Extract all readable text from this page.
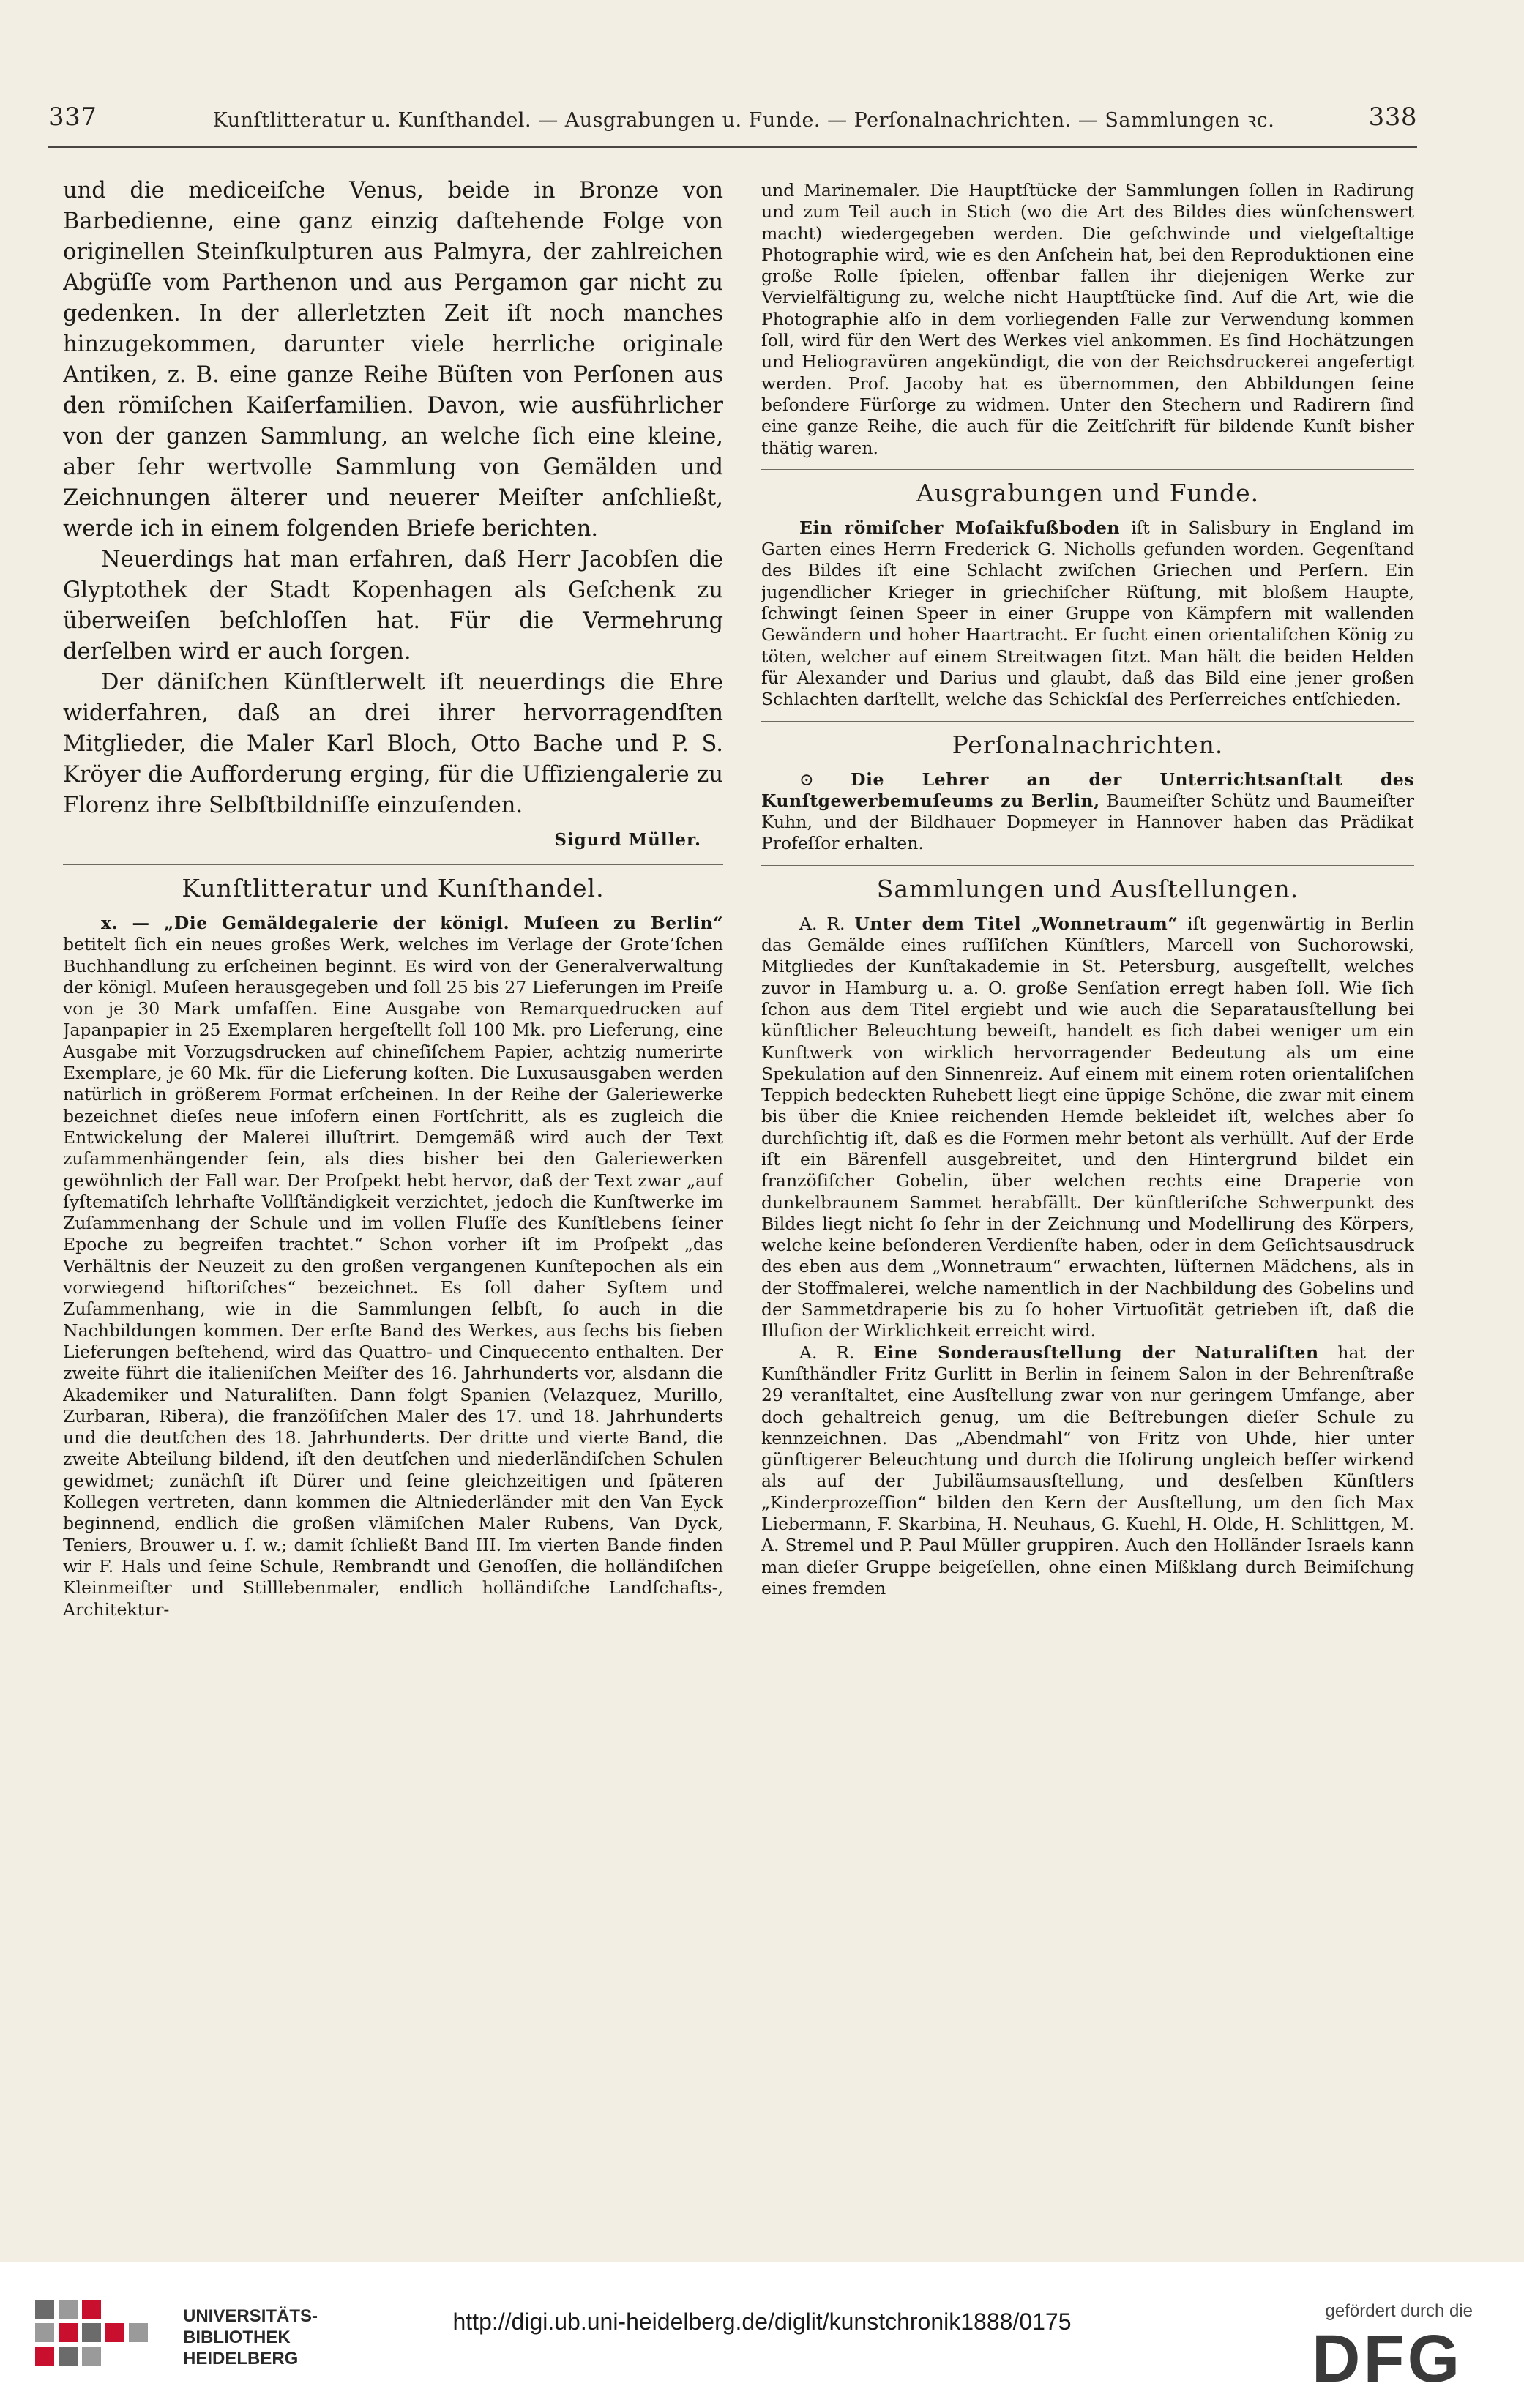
337	Kunſtlitteratur u. Kunſthandel. — Ausgrabungen u. Funde. — Perſonalnachrichten. — Sammlungen ꝛc.	338

und die mediceiſche Venus, beide in Bronze von Barbedienne, eine ganz einzig daſtehende Folge von originellen Steinſkulpturen aus Palmyra, der zahlreichen Abgüſſe vom Parthenon und aus Pergamon gar nicht zu gedenken. In der allerletzten Zeit iſt noch manches hinzugekommen, darunter viele herrliche originale Antiken, z. B. eine ganze Reihe Büſten von Perſonen aus den römiſchen Kaiſerfamilien. Davon, wie ausführlicher von der ganzen Sammlung, an welche ſich eine kleine, aber ſehr wertvolle Sammlung von Gemälden und Zeichnungen älterer und neuerer Meiſter anſchließt, werde ich in einem folgenden Briefe berichten.

Neuerdings hat man erfahren, daß Herr Jacobſen die Glyptothek der Stadt Kopenhagen als Geſchenk zu überweiſen beſchloſſen hat. Für die Vermehrung derſelben wird er auch ſorgen.

Der däniſchen Künſtlerwelt iſt neuerdings die Ehre widerfahren, daß an drei ihrer hervorragendſten Mitglieder, die Maler Karl Bloch, Otto Bache und P. S. Kröyer die Aufforderung erging, für die Uffiziengalerie zu Florenz ihre Selbſtbildniſſe einzuſenden.

Sigurd Müller.
Kunſtlitteratur und Kunſthandel.

x. — „Die Gemäldegalerie der königl. Muſeen zu Berlin“ betitelt ſich ein neues großes Werk, welches im Verlage der Grote’ſchen Buchhandlung zu erſcheinen beginnt. Es wird von der Generalverwaltung der königl. Muſeen herausgegeben und ſoll 25 bis 27 Lieferungen im Preiſe von je 30 Mark umfaſſen. Eine Ausgabe von Remarquedrucken auf Japanpapier in 25 Exemplaren hergeſtellt ſoll 100 Mk. pro Lieferung, eine Ausgabe mit Vorzugsdrucken auf chineſiſchem Papier, achtzig numerirte Exemplare, je 60 Mk. für die Lieferung koſten. Die Luxusausgaben werden natürlich in größerem Format erſcheinen. In der Reihe der Galeriewerke bezeichnet dieſes neue inſofern einen Fortſchritt, als es zugleich die Entwickelung der Malerei illuſtrirt. Demgemäß wird auch der Text zuſammenhängender ſein, als dies bisher bei den Galeriewerken gewöhnlich der Fall war. Der Proſpekt hebt hervor, daß der Text zwar „auf ſyſtematiſch lehrhafte Vollſtändigkeit verzichtet, jedoch die Kunſtwerke im Zuſammenhang der Schule und im vollen Fluſſe des Kunſtlebens ſeiner Epoche zu begreifen trachtet.“ Schon vorher iſt im Proſpekt „das Verhältnis der Neuzeit zu den großen vergangenen Kunſtepochen als ein vorwiegend hiſtoriſches“ bezeichnet. Es ſoll daher Syſtem und Zuſammenhang, wie in die Sammlungen ſelbſt, ſo auch in die Nachbildungen kommen. Der erſte Band des Werkes, aus ſechs bis ſieben Lieferungen beſtehend, wird das Quattro- und Cinquecento enthalten. Der zweite führt die italieniſchen Meiſter des 16. Jahrhunderts vor, alsdann die Akademiker und Naturaliſten. Dann folgt Spanien (Velazquez, Murillo, Zurbaran, Ribera), die franzöſiſchen Maler des 17. und 18. Jahrhunderts und die deutſchen des 18. Jahrhunderts. Der dritte und vierte Band, die zweite Abteilung bildend, iſt den deutſchen und niederländiſchen Schulen gewidmet; zunächſt iſt Dürer und ſeine gleichzeitigen und ſpäteren Kollegen vertreten, dann kommen die Altniederländer mit den Van Eyck beginnend, endlich die großen vlämiſchen Maler Rubens, Van Dyck, Teniers, Brouwer u. ſ. w.; damit ſchließt Band III. Im vierten Bande finden wir F. Hals und ſeine Schule, Rembrandt und Genoſſen, die holländiſchen Kleinmeiſter und Stilllebenmaler, endlich holländiſche Landſchafts-, Architektur-

und Marinemaler. Die Hauptſtücke der Sammlungen ſollen in Radirung und zum Teil auch in Stich (wo die Art des Bildes dies wünſchenswert macht) wiedergegeben werden. Die geſchwinde und vielgeſtaltige Photographie wird, wie es den Anſchein hat, bei den Reproduktionen eine große Rolle ſpielen, offenbar fallen ihr diejenigen Werke zur Vervielfältigung zu, welche nicht Hauptſtücke ſind. Auf die Art, wie die Photographie alſo in dem vorliegenden Falle zur Verwendung kommen ſoll, wird für den Wert des Werkes viel ankommen. Es ſind Hochätzungen und Heliogravüren angekündigt, die von der Reichsdruckerei angefertigt werden. Prof. Jacoby hat es übernommen, den Abbildungen ſeine beſondere Fürſorge zu widmen. Unter den Stechern und Radirern ſind eine ganze Reihe, die auch für die Zeitſchrift für bildende Kunſt bisher thätig waren.

Ausgrabungen und Funde.

Ein römiſcher Moſaikfußboden iſt in Salisbury in England im Garten eines Herrn Frederick G. Nicholls gefunden worden. Gegenſtand des Bildes iſt eine Schlacht zwiſchen Griechen und Perſern. Ein jugendlicher Krieger in griechiſcher Rüſtung, mit bloßem Haupte, ſchwingt ſeinen Speer in einer Gruppe von Kämpfern mit wallenden Gewändern und hoher Haartracht. Er ſucht einen orientaliſchen König zu töten, welcher auf einem Streitwagen ſitzt. Man hält die beiden Helden für Alexander und Darius und glaubt, daß das Bild eine jener großen Schlachten darſtellt, welche das Schickſal des Perſerreiches entſchieden.

Perſonalnachrichten.

⊙ Die Lehrer an der Unterrichtsanſtalt des Kunſtgewerbemuſeums zu Berlin, Baumeiſter Schütz und Baumeiſter Kuhn, und der Bildhauer Dopmeyer in Hannover haben das Prädikat Profeſſor erhalten.

Sammlungen und Ausſtellungen.

A. R. Unter dem Titel „Wonnetraum“ iſt gegenwärtig in Berlin das Gemälde eines ruſſiſchen Künſtlers, Marcell von Suchorowski, Mitgliedes der Kunſtakademie in St. Petersburg, ausgeſtellt, welches zuvor in Hamburg u. a. O. große Senſation erregt haben ſoll. Wie ſich ſchon aus dem Titel ergiebt und wie auch die Separatausſtellung bei künſtlicher Beleuchtung beweiſt, handelt es ſich dabei weniger um ein Kunſtwerk von wirklich hervorragender Bedeutung als um eine Spekulation auf den Sinnenreiz. Auf einem mit einem roten orientaliſchen Teppich bedeckten Ruhebett liegt eine üppige Schöne, die zwar mit einem bis über die Kniee reichenden Hemde bekleidet iſt, welches aber ſo durchſichtig iſt, daß es die Formen mehr betont als verhüllt. Auf der Erde iſt ein Bärenfell ausgebreitet, und den Hintergrund bildet ein franzöſiſcher Gobelin, über welchen rechts eine Draperie von dunkelbraunem Sammet herabfällt. Der künſtleriſche Schwerpunkt des Bildes liegt nicht ſo ſehr in der Zeichnung und Modellirung des Körpers, welche keine beſonderen Verdienſte haben, oder in dem Geſichtsausdruck des eben aus dem „Wonnetraum“ erwachten, lüſternen Mädchens, als in der Stoffmalerei, welche namentlich in der Nachbildung des Gobelins und der Sammetdraperie bis zu ſo hoher Virtuoſität getrieben iſt, daß die Illuſion der Wirklichkeit erreicht wird.

A. R. Eine Sonderausſtellung der Naturaliſten hat der Kunſthändler Fritz Gurlitt in Berlin in ſeinem Salon in der Behrenſtraße 29 veranſtaltet, eine Ausſtellung zwar von nur geringem Umfange, aber doch gehaltreich genug, um die Beſtrebungen dieſer Schule zu kennzeichnen. Das „Abendmahl“ von Fritz von Uhde, hier unter günſtigerer Beleuchtung und durch die Iſolirung ungleich beſſer wirkend als auf der Jubiläumsausſtellung, und desſelben Künſtlers „Kinderprozeſſion“ bilden den Kern der Ausſtellung, um den ſich Max Liebermann, F. Skarbina, H. Neuhaus, G. Kuehl, H. Olde, H. Schlittgen, M. A. Stremel und P. Paul Müller gruppiren. Auch den Holländer Israels kann man dieſer Gruppe beigeſellen, ohne einen Mißklang durch Beimiſchung eines fremden

UNIVERSITÄTS-
BIBLIOTHEK
HEIDELBERG
http://digi.ub.uni-heidelberg.de/diglit/kunstchronik1888/0175	gefördert durch die
DFG
